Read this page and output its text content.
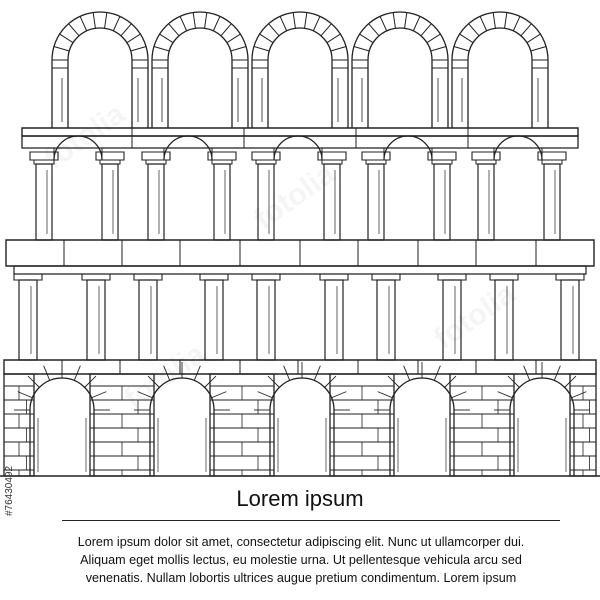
#76430492	Lorem ipsum
Lorem ipsum dolor sit amet, consectetur adipiscing elit. Nunc ut ullamcorper dui.
Aliquam eget mollis lectus, eu molestie urna. Ut pellentesque vehicula arcu sed
venenatis. Nullam lobortis ultrices augue pretium condimentum. Lorem ipsum
